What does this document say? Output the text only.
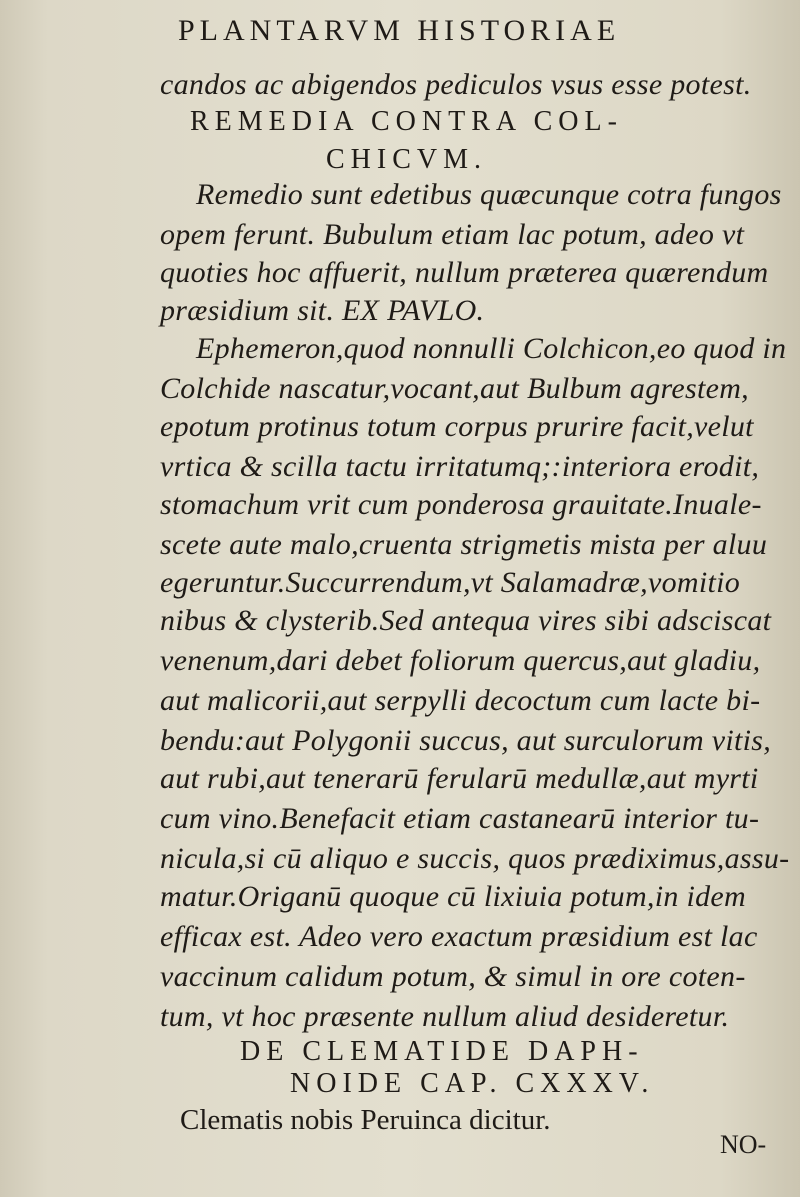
PLANTARVM HISTORIAE
candos ac abigendos pediculos vsus esse potest.
REMEDIA CONTRA COL-
CHICVM.
Remedio sunt edetibus quæcunque cotra fungos
opem ferunt. Bubulum etiam lac potum, adeo vt
quoties hoc affuerit, nullum præterea quærendum
præsidium sit. EX PAVLO.
Ephemeron,quod nonnulli Colchicon,eo quod in
Colchide nascatur,vocant,aut Bulbum agrestem,
epotum protinus totum corpus prurire facit,velut
vrtica & scilla tactu irritatumq;:interiora erodit,
stomachum vrit cum ponderosa grauitate.Inuale-
scete aute malo,cruenta strigmetis mista per aluu
egeruntur.Succurrendum,vt Salamadræ,vomitio
nibus & clysterib.Sed antequa vires sibi adsciscat
venenum,dari debet foliorum quercus,aut gladiu,
aut malicorii,aut serpylli decoctum cum lacte bi-
bendu:aut Polygonii succus, aut surculorum vitis,
aut rubi,aut tenerarū ferularū medullæ,aut myrti
cum vino.Benefacit etiam castanearū interior tu-
nicula,si cū aliquo e succis, quos prædiximus,assu-
matur.Origanū quoque cū lixiuia potum,in idem
efficax est. Adeo vero exactum præsidium est lac
vaccinum calidum potum, & simul in ore coten-
tum, vt hoc præsente nullum aliud desideretur.
DE CLEMATIDE DAPH-
NOIDE CAP. CXXXV.
Clematis nobis Peruinca dicitur.
NO-
